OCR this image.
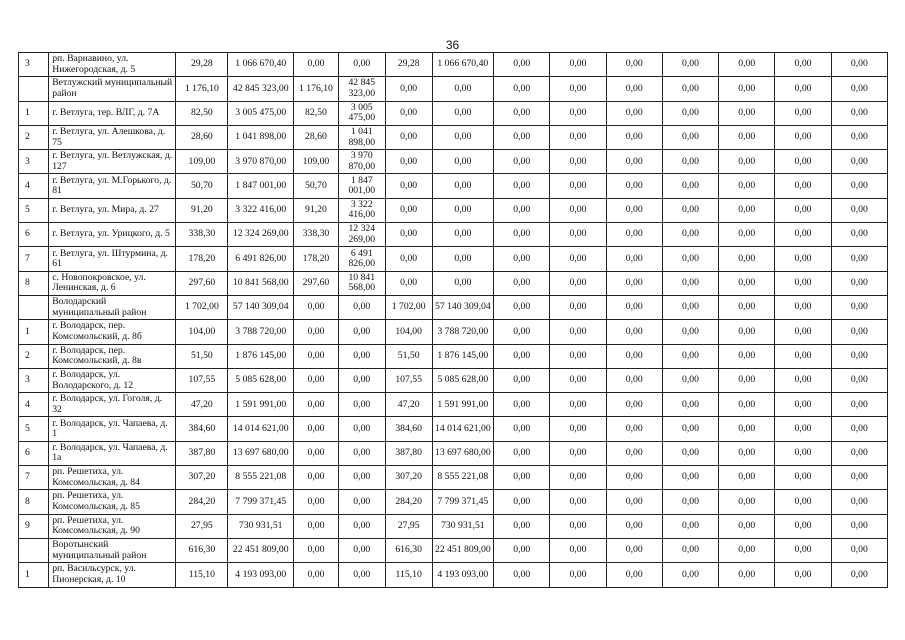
36
3	рп. Варнавино, ул. Нижегородская, д. 5	29,28	1 066 670,40	0,00	0,00	29,28	1 066 670,40	0,00	0,00	0,00	0,00	0,00	0,00	0,00
	Ветлужский муниципальный район	1 176,10	42 845 323,00	1 176,10	42 845 323,00	0,00	0,00	0,00	0,00	0,00	0,00	0,00	0,00	0,00
1	г. Ветлуга, тер. ВЛГ, д. 7А	82,50	3 005 475,00	82,50	3 005 475,00	0,00	0,00	0,00	0,00	0,00	0,00	0,00	0,00	0,00
2	г. Ветлуга, ул. Алешкова, д. 75	28,60	1 041 898,00	28,60	1 041 898,00	0,00	0,00	0,00	0,00	0,00	0,00	0,00	0,00	0,00
3	г. Ветлуга, ул. Ветлужская, д. 127	109,00	3 970 870,00	109,00	3 970 870,00	0,00	0,00	0,00	0,00	0,00	0,00	0,00	0,00	0,00
4	г. Ветлуга, ул. М.Горького, д. 81	50,70	1 847 001,00	50,70	1 847 001,00	0,00	0,00	0,00	0,00	0,00	0,00	0,00	0,00	0,00
5	г. Ветлуга, ул. Мира, д. 27	91,20	3 322 416,00	91,20	3 322 416,00	0,00	0,00	0,00	0,00	0,00	0,00	0,00	0,00	0,00
6	г. Ветлуга, ул. Урицкого, д. 5	338,30	12 324 269,00	338,30	12 324 269,00	0,00	0,00	0,00	0,00	0,00	0,00	0,00	0,00	0,00
7	г. Ветлуга, ул. Штурмина, д. 61	178,20	6 491 826,00	178,20	6 491 826,00	0,00	0,00	0,00	0,00	0,00	0,00	0,00	0,00	0,00
8	с. Новопокровское, ул. Ленинская, д. 6	297,60	10 841 568,00	297,60	10 841 568,00	0,00	0,00	0,00	0,00	0,00	0,00	0,00	0,00	0,00
	Володарский муниципальный район	1 702,00	57 140 309,04	0,00	0,00	1 702,00	57 140 309,04	0,00	0,00	0,00	0,00	0,00	0,00	0,00
1	г. Володарск, пер. Комсомольский, д. 8б	104,00	3 788 720,00	0,00	0,00	104,00	3 788 720,00	0,00	0,00	0,00	0,00	0,00	0,00	0,00
2	г. Володарск, пер. Комсомольский, д. 8в	51,50	1 876 145,00	0,00	0,00	51,50	1 876 145,00	0,00	0,00	0,00	0,00	0,00	0,00	0,00
3	г. Володарск, ул. Володарского, д. 12	107,55	5 085 628,00	0,00	0,00	107,55	5 085 628,00	0,00	0,00	0,00	0,00	0,00	0,00	0,00
4	г. Володарск, ул. Гоголя, д. 32	47,20	1 591 991,00	0,00	0,00	47,20	1 591 991,00	0,00	0,00	0,00	0,00	0,00	0,00	0,00
5	г. Володарск, ул. Чапаева, д. 1	384,60	14 014 621,00	0,00	0,00	384,60	14 014 621,00	0,00	0,00	0,00	0,00	0,00	0,00	0,00
6	г. Володарск, ул. Чапаева, д. 1а	387,80	13 697 680,00	0,00	0,00	387,80	13 697 680,00	0,00	0,00	0,00	0,00	0,00	0,00	0,00
7	рп. Решетиха, ул. Комсомольская, д. 84	307,20	8 555 221,08	0,00	0,00	307,20	8 555 221,08	0,00	0,00	0,00	0,00	0,00	0,00	0,00
8	рп. Решетиха, ул. Комсомольская, д. 85	284,20	7 799 371,45	0,00	0,00	284,20	7 799 371,45	0,00	0,00	0,00	0,00	0,00	0,00	0,00
9	рп. Решетиха, ул. Комсомольская, д. 90	27,95	730 931,51	0,00	0,00	27,95	730 931,51	0,00	0,00	0,00	0,00	0,00	0,00	0,00
	Воротынский муниципальный район	616,30	22 451 809,00	0,00	0,00	616,30	22 451 809,00	0,00	0,00	0,00	0,00	0,00	0,00	0,00
1	рп. Васильсурск, ул. Пионерская, д. 10	115,10	4 193 093,00	0,00	0,00	115,10	4 193 093,00	0,00	0,00	0,00	0,00	0,00	0,00	0,00
